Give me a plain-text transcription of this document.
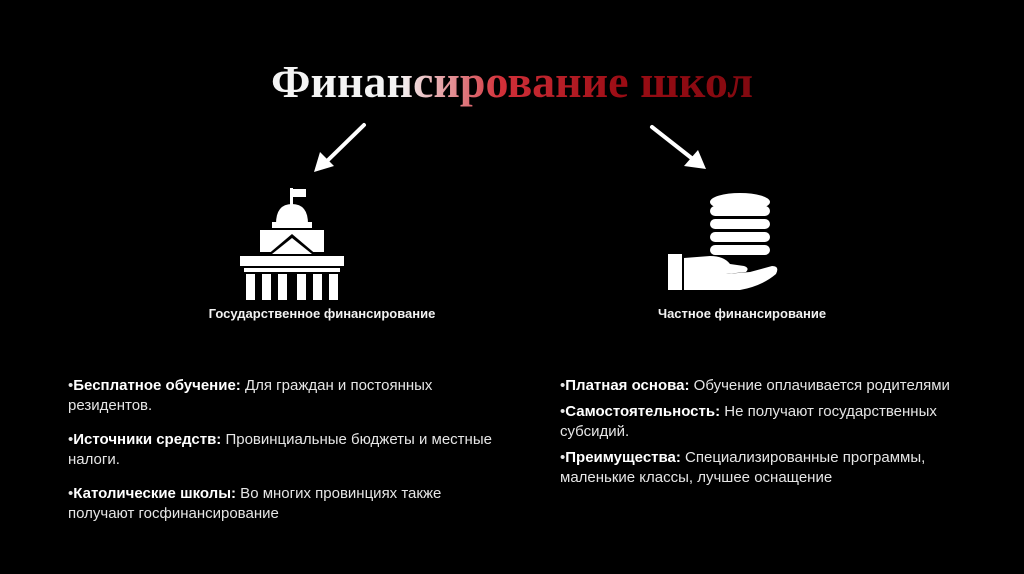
Финансирование школ
Государственное финансирование	Частное финансирование

•Бесплатное обучение: Для граждан и постоянных резидентов.

•Источники средств: Провинциальные бюджеты и местные налоги.

•Католические школы: Во многих провинциях также получают госфинансирование

•Платная основа: Обучение оплачивается родителями

•Самостоятельность: Не получают государственных субсидий.

•Преимущества: Специализированные программы, маленькие классы, лучшее оснащение
